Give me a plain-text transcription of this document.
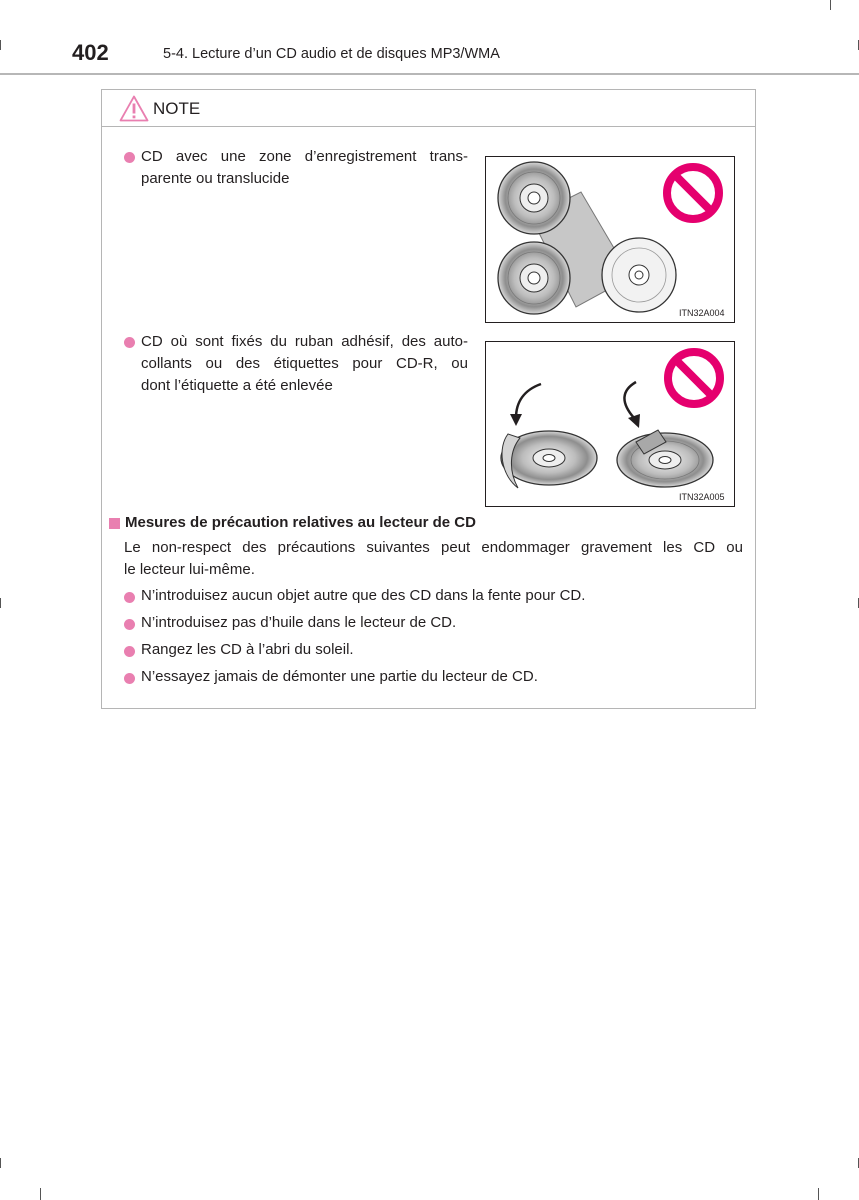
402	5-4. Lecture d’un CD audio et de disques MP3/WMA
NOTE
CD avec une zone d’enregistrement trans-
parente ou translucide
ITN32A004
CD où sont fixés du ruban adhésif, des auto-
collants ou des étiquettes pour CD-R, ou
dont l’étiquette a été enlevée
ITN32A005
Mesures de précaution relatives au lecteur de CD
Le non-respect des précautions suivantes peut endommager gravement les CD ou
le lecteur lui-même.
N’introduisez aucun objet autre que des CD dans la fente pour CD.
N’introduisez pas d’huile dans le lecteur de CD.
Rangez les CD à l’abri du soleil.
N’essayez jamais de démonter une partie du lecteur de CD.
